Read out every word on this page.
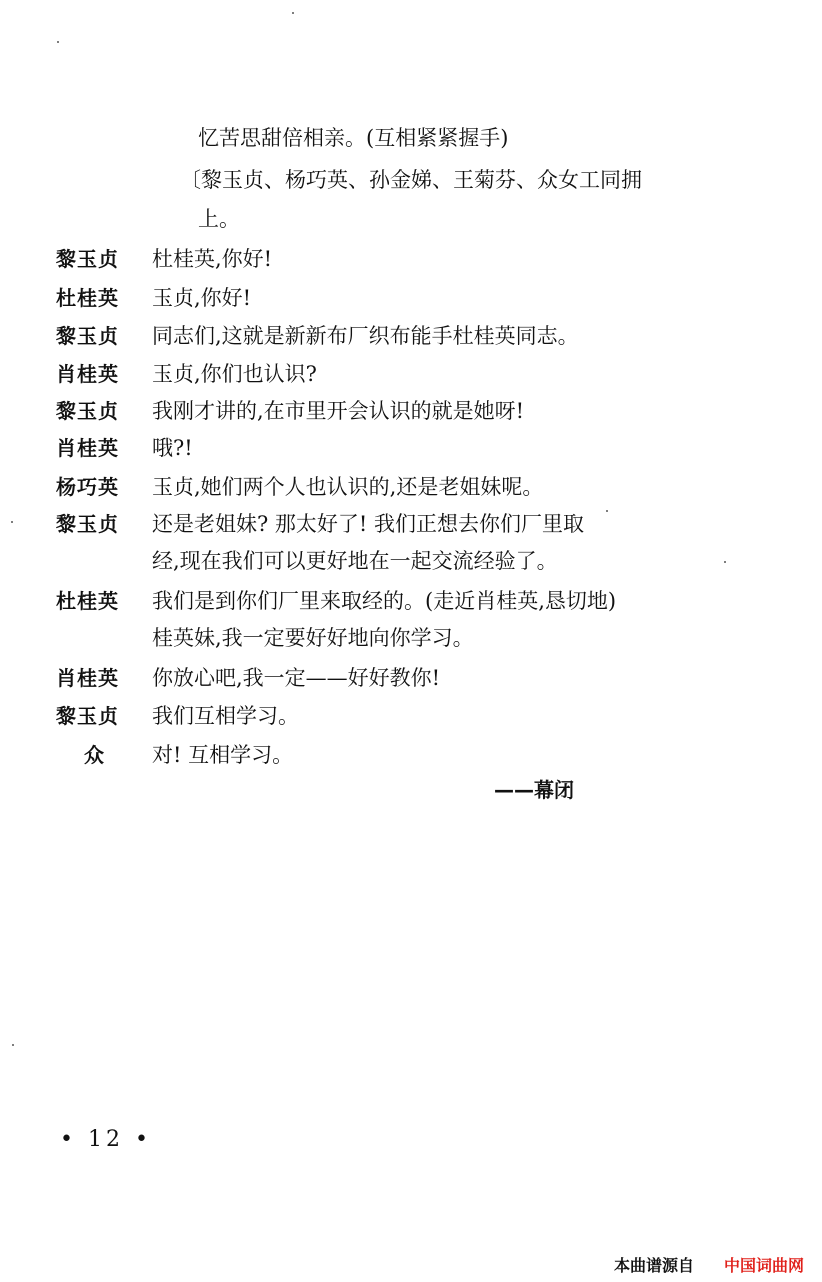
忆苦思甜倍相亲。(互相紧紧握手)
〔黎玉贞、杨巧英、孙金娣、王菊芬、众女工同拥
上。
黎玉贞	杜桂英,你好!
杜桂英	玉贞,你好!
黎玉贞	同志们,这就是新新布厂织布能手杜桂英同志。
肖桂英	玉贞,你们也认识?
黎玉贞	我刚才讲的,在市里开会认识的就是她呀!
肖桂英	哦?!
杨巧英	玉贞,她们两个人也认识的,还是老姐妹呢。
黎玉贞	还是老姐妹? 那太好了! 我们正想去你们厂里取
经,现在我们可以更好地在一起交流经验了。
杜桂英	我们是到你们厂里来取经的。(走近肖桂英,恳切地)
桂英妹,我一定要好好地向你学习。
肖桂英	你放心吧,我一定——好好教你!
黎玉贞	我们互相学习。
众	对! 互相学习。
——幕闭
• 12 •
本曲谱源自 中国词曲网
